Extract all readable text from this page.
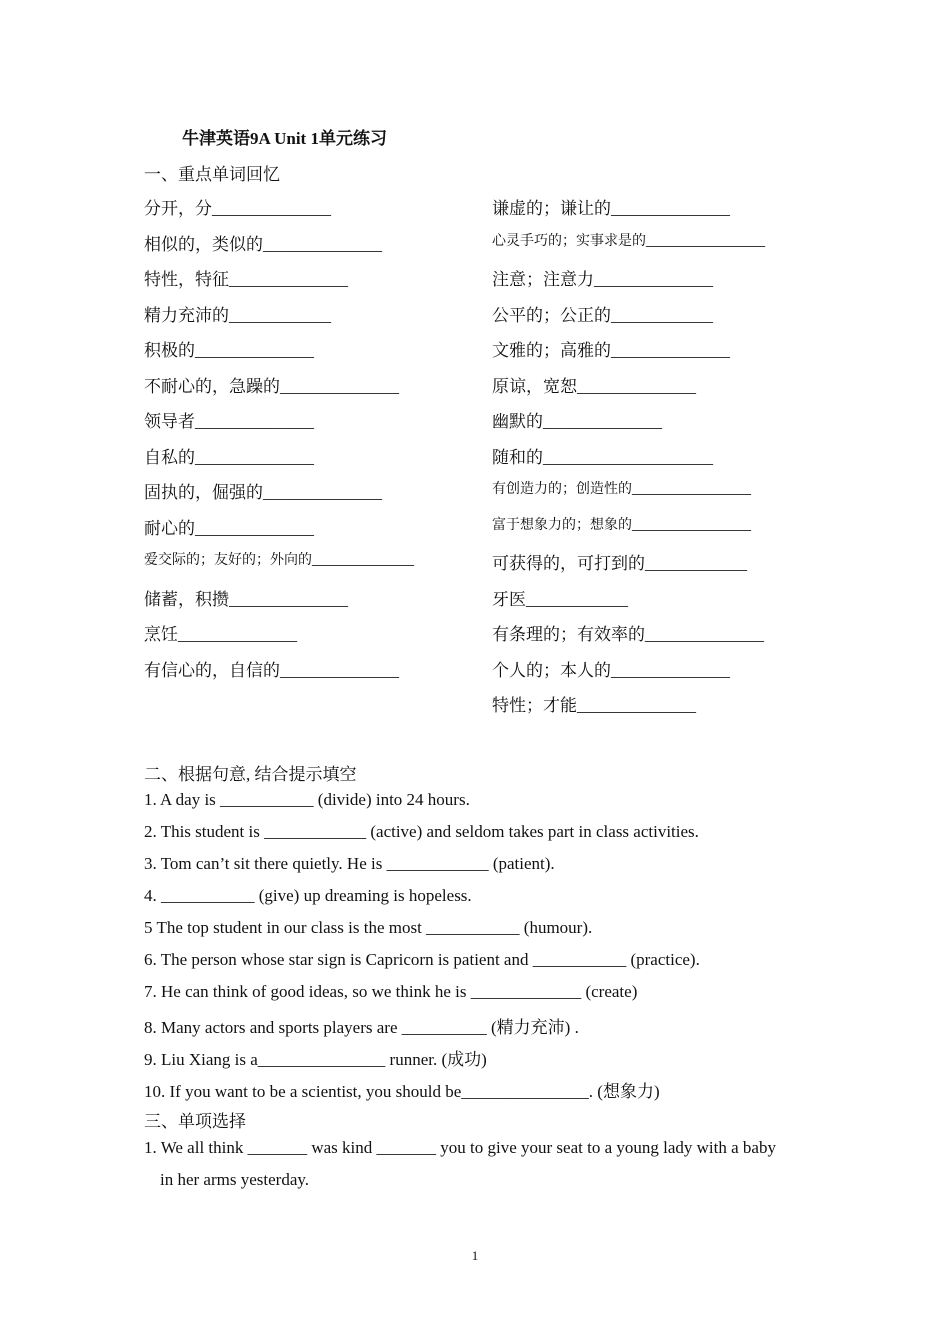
牛津英语9A Unit 1单元练习
一、重点单词回忆
分开，分______________
相似的，类似的______________
特性，特征______________
精力充沛的____________
积极的______________
不耐心的，急躁的______________
领导者______________
自私的______________
固执的，倔强的______________
耐心的______________
爱交际的；友好的；外向的____________
储蓄，积攒______________
烹饪______________
有信心的，自信的______________
谦虚的；谦让的______________
心灵手巧的；实事求是的______________
注意；注意力______________
公平的；公正的____________
文雅的；高雅的______________
原谅，宽恕______________
幽默的______________
随和的____________________
有创造力的；创造性的______________
富于想象力的；想象的______________
可获得的，可打到的____________
牙医____________
有条理的；有效率的______________
个人的；本人的______________
特性；才能______________
二、根据句意, 结合提示填空
1. A day is ___________ (divide) into 24 hours.
2. This student is ____________ (active) and seldom takes part in class activities.
3. Tom can’t sit there quietly. He is ____________ (patient).
4. ___________ (give) up dreaming is hopeless.
5 The top student in our class is the most ___________ (humour).
6. The person whose star sign is Capricorn is patient and ___________ (practice).
7. He can think of good ideas, so we think he is _____________ (create)
8. Many actors and sports players are __________ (精力充沛) .
9. Liu Xiang is a_______________ runner. (成功)
10. If you want to be a scientist, you should be_______________. (想象力)
三、单项选择
1. We all think _______ was kind _______ you to give your seat to a young lady with a baby
in her arms yesterday.
1
